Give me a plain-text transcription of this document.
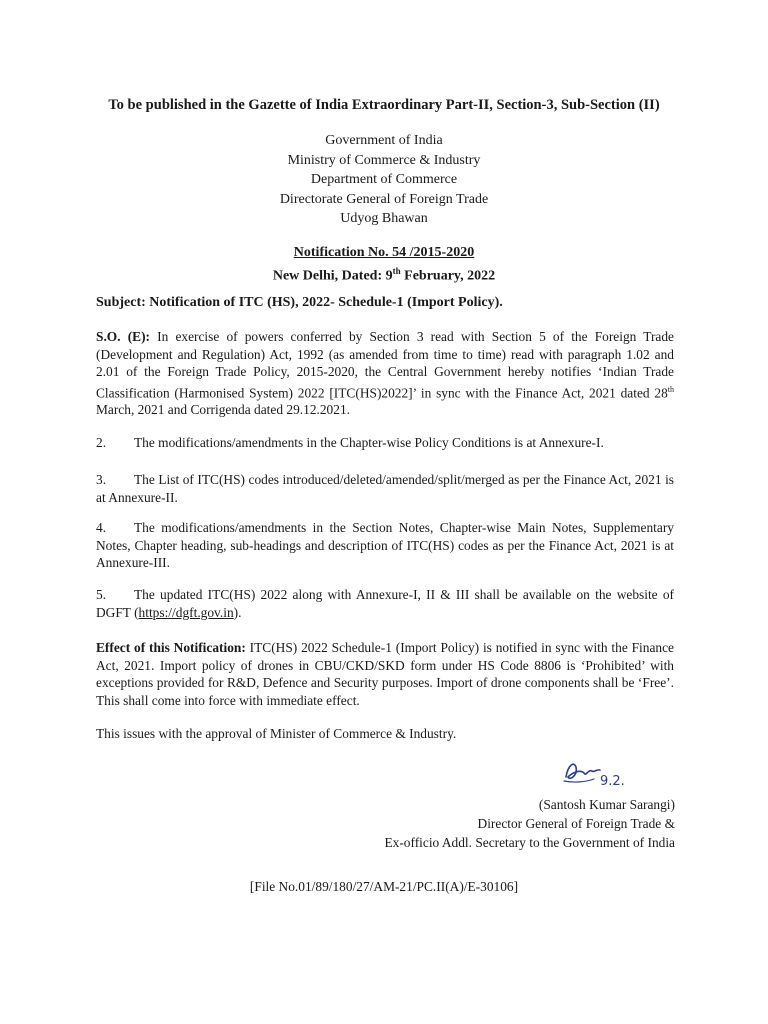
To be published in the Gazette of India Extraordinary Part-II, Section-3, Sub-Section (II)
Government of India
Ministry of Commerce & Industry
Department of Commerce
Directorate General of Foreign Trade
Udyog Bhawan
Notification No. 54 /2015-2020
New Delhi, Dated: 9th February, 2022
Subject: Notification of ITC (HS), 2022- Schedule-1 (Import Policy).
S.O. (E): In exercise of powers conferred by Section 3 read with Section 5 of the Foreign Trade (Development and Regulation) Act, 1992 (as amended from time to time) read with paragraph 1.02 and 2.01 of the Foreign Trade Policy, 2015-2020, the Central Government hereby notifies ‘Indian Trade Classification (Harmonised System) 2022 [ITC(HS)2022]’ in sync with the Finance Act, 2021 dated 28th March, 2021 and Corrigenda dated 29.12.2021.
2. The modifications/amendments in the Chapter-wise Policy Conditions is at Annexure-I.
3. The List of ITC(HS) codes introduced/deleted/amended/split/merged as per the Finance Act, 2021 is at Annexure-II.
4. The modifications/amendments in the Section Notes, Chapter-wise Main Notes, Supplementary Notes, Chapter heading, sub-headings and description of ITC(HS) codes as per the Finance Act, 2021 is at Annexure-III.
5. The updated ITC(HS) 2022 along with Annexure-I, II & III shall be available on the website of DGFT (https://dgft.gov.in).
Effect of this Notification: ITC(HS) 2022 Schedule-1 (Import Policy) is notified in sync with the Finance Act, 2021. Import policy of drones in CBU/CKD/SKD form under HS Code 8806 is ‘Prohibited’ with exceptions provided for R&D, Defence and Security purposes. Import of drone components shall be ‘Free’. This shall come into force with immediate effect.
This issues with the approval of Minister of Commerce & Industry.
9.2.
(Santosh Kumar Sarangi)
Director General of Foreign Trade &
Ex-officio Addl. Secretary to the Government of India
[File No.01/89/180/27/AM-21/PC.II(A)/E-30106]
